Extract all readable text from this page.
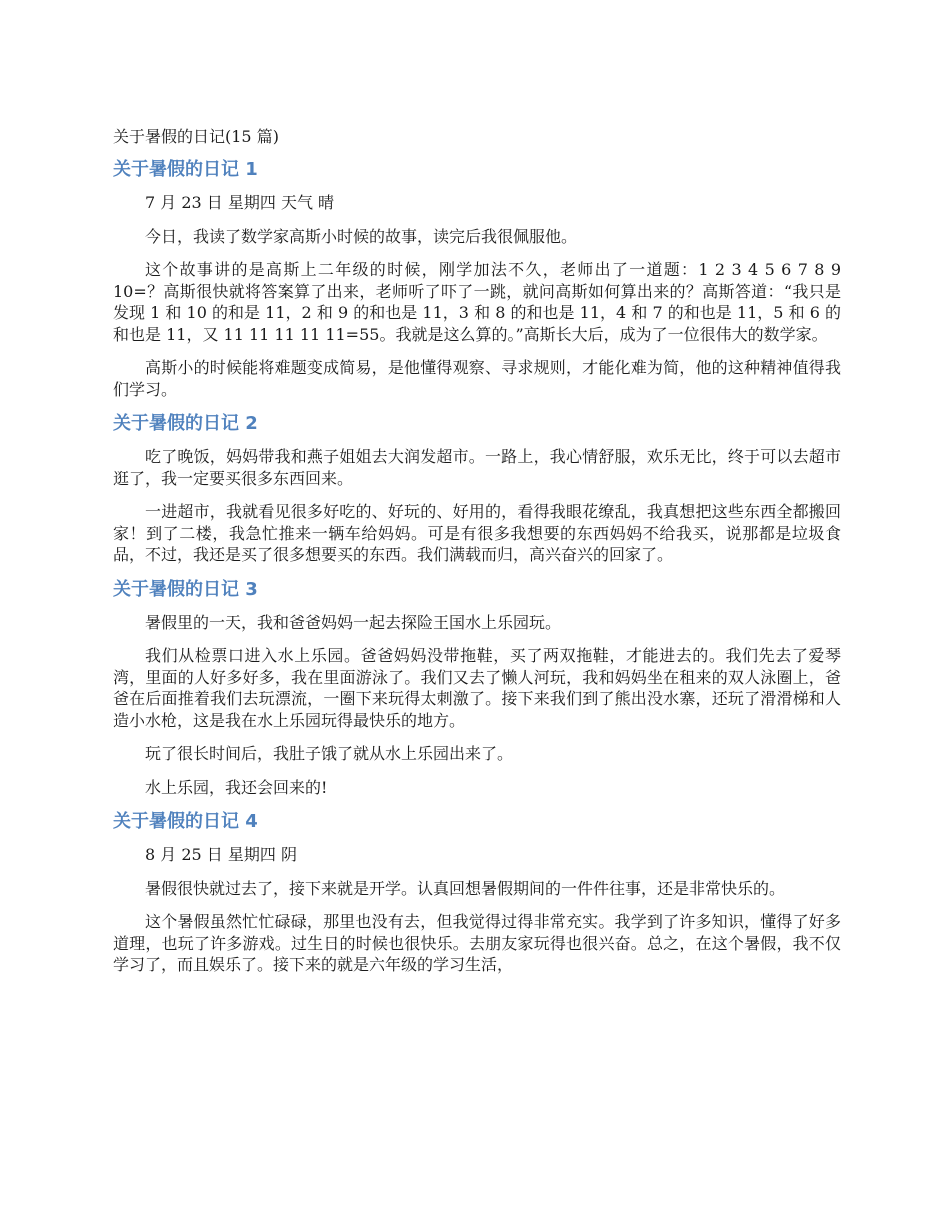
关于暑假的日记(15 篇)
关于暑假的日记 1

7 月 23 日 星期四 天气 晴

今日，我读了数学家高斯小时候的故事，读完后我很佩服他。

这个故事讲的是高斯上二年级的时候，刚学加法不久，老师出了一道题：1 2 3 4 5 6 7 8 9 10=？高斯很快就将答案算了出来，老师听了吓了一跳，就问高斯如何算出来的？高斯答道：“我只是发现 1 和 10 的和是 11，2 和 9 的和也是 11，3 和 8 的和也是 11，4 和 7 的和也是 11，5 和 6 的和也是 11，又 11 11 11 11 11=55。我就是这么算的。”高斯长大后，成为了一位很伟大的数学家。

高斯小的时候能将难题变成简易，是他懂得观察、寻求规则，才能化难为简，他的这种精神值得我们学习。

关于暑假的日记 2

吃了晚饭，妈妈带我和燕子姐姐去大润发超市。一路上，我心情舒服，欢乐无比，终于可以去超市逛了，我一定要买很多东西回来。

一进超市，我就看见很多好吃的、好玩的、好用的，看得我眼花缭乱，我真想把这些东西全都搬回家！到了二楼，我急忙推来一辆车给妈妈。可是有很多我想要的东西妈妈不给我买，说那都是垃圾食品，不过，我还是买了很多想要买的东西。我们满载而归，高兴奋兴的回家了。

关于暑假的日记 3

暑假里的一天，我和爸爸妈妈一起去探险王国水上乐园玩。

我们从检票口进入水上乐园。爸爸妈妈没带拖鞋，买了两双拖鞋，才能进去的。我们先去了爱琴湾，里面的人好多好多，我在里面游泳了。我们又去了懒人河玩，我和妈妈坐在租来的双人泳圈上，爸爸在后面推着我们去玩漂流，一圈下来玩得太刺激了。接下来我们到了熊出没水寨，还玩了滑滑梯和人造小水枪，这是我在水上乐园玩得最快乐的地方。

玩了很长时间后，我肚子饿了就从水上乐园出来了。

水上乐园，我还会回来的!

关于暑假的日记 4

8 月 25 日 星期四 阴

暑假很快就过去了，接下来就是开学。认真回想暑假期间的一件件往事，还是非常快乐的。

这个暑假虽然忙忙碌碌，那里也没有去，但我觉得过得非常充实。我学到了许多知识，懂得了好多道理，也玩了许多游戏。过生日的时候也很快乐。去朋友家玩得也很兴奋。总之，在这个暑假，我不仅学习了，而且娱乐了。接下来的就是六年级的学习生活，
